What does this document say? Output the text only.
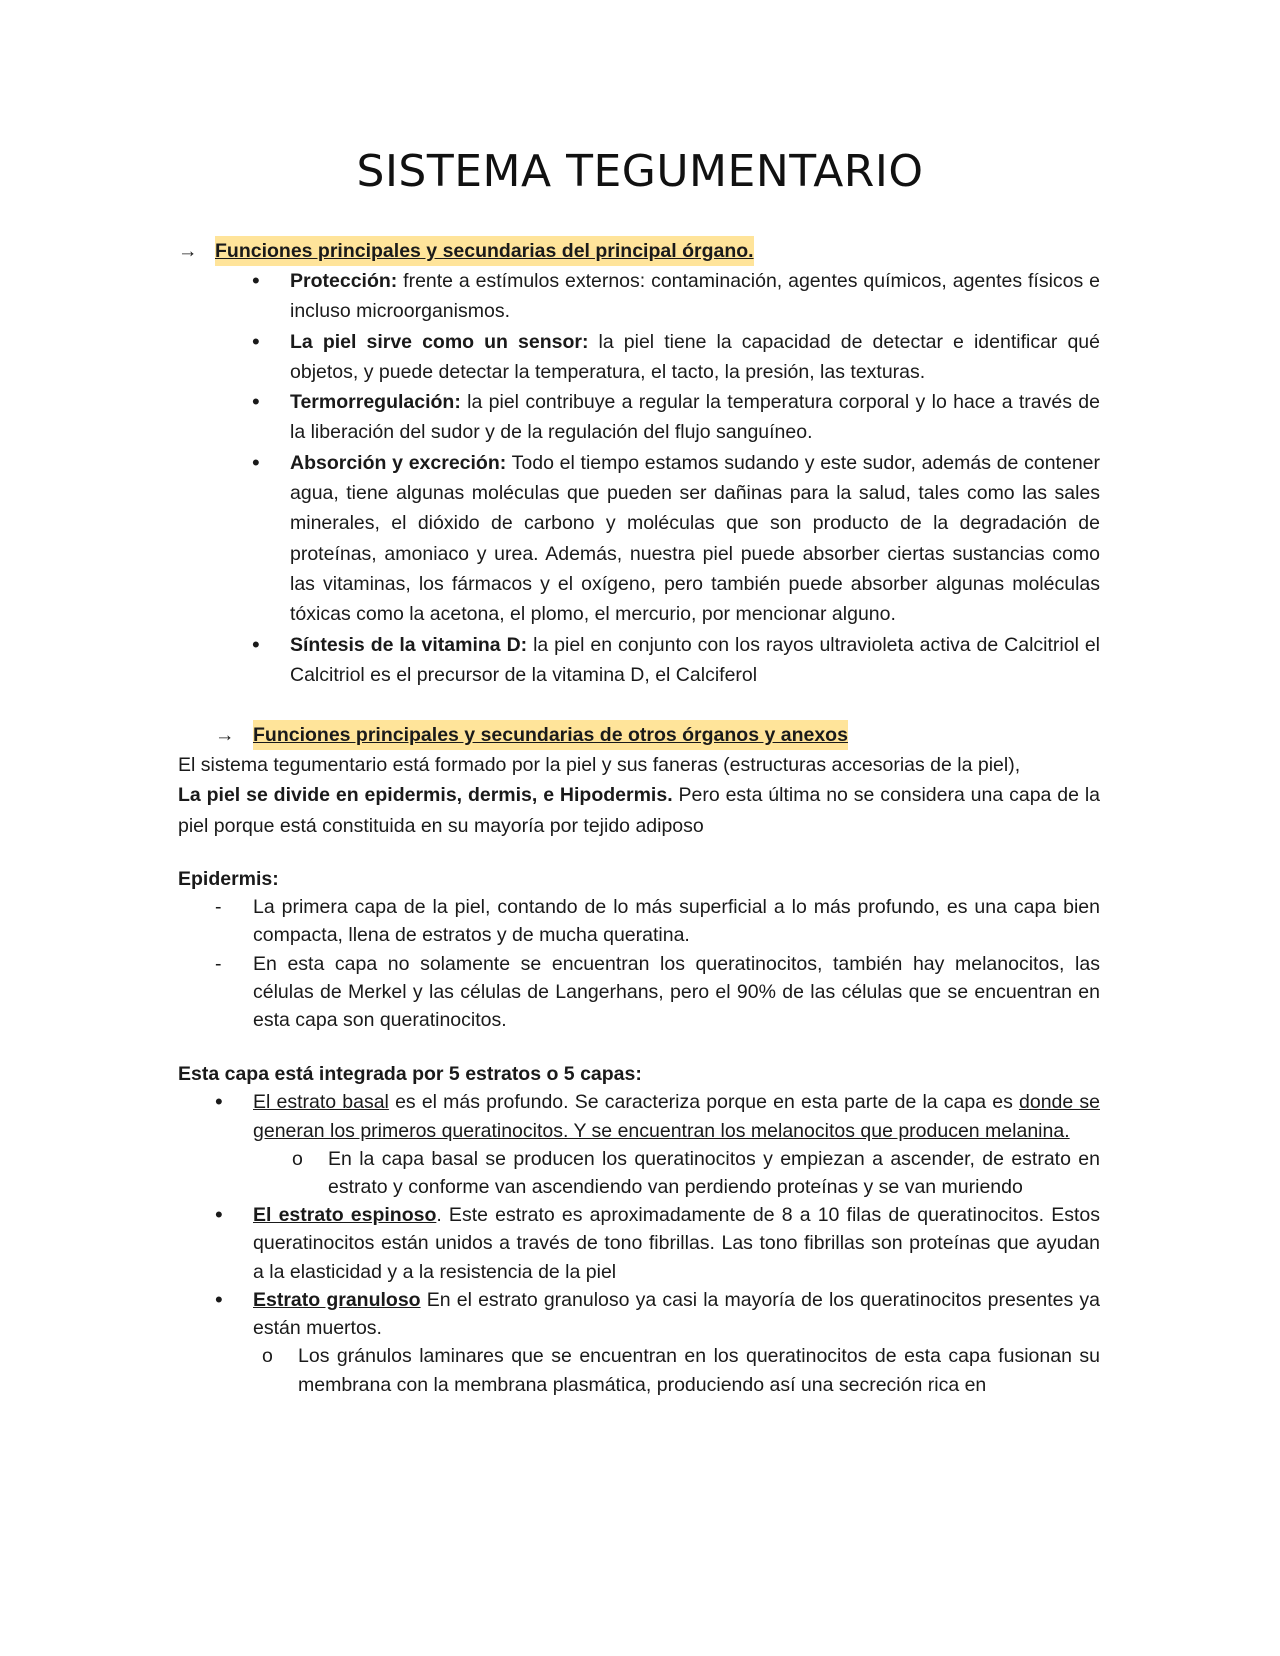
SISTEMA TEGUMENTARIO
→ Funciones principales y secundarias del principal órgano.
• Protección: frente a estímulos externos: contaminación, agentes químicos, agentes físicos e incluso microorganismos.
• La piel sirve como un sensor: la piel tiene la capacidad de detectar e identificar qué objetos, y puede detectar la temperatura, el tacto, la presión, las texturas.
• Termorregulación: la piel contribuye a regular la temperatura corporal y lo hace a través de la liberación del sudor y de la regulación del flujo sanguíneo.
• Absorción y excreción: Todo el tiempo estamos sudando y este sudor, además de contener agua, tiene algunas moléculas que pueden ser dañinas para la salud, tales como las sales minerales, el dióxido de carbono y moléculas que son producto de la degradación de proteínas, amoniaco y urea. Además, nuestra piel puede absorber ciertas sustancias como las vitaminas, los fármacos y el oxígeno, pero también puede absorber algunas moléculas tóxicas como la acetona, el plomo, el mercurio, por mencionar alguno.
• Síntesis de la vitamina D: la piel en conjunto con los rayos ultravioleta activa de Calcitriol el Calcitriol es el precursor de la vitamina D, el Calciferol
→ Funciones principales y secundarias de otros órganos y anexos
El sistema tegumentario está formado por la piel y sus faneras (estructuras accesorias de la piel),
La piel se divide en epidermis, dermis, e Hipodermis. Pero esta última no se considera una capa de la piel porque está constituida en su mayoría por tejido adiposo
Epidermis:
- La primera capa de la piel, contando de lo más superficial a lo más profundo, es una capa bien compacta, llena de estratos y de mucha queratina.
- En esta capa no solamente se encuentran los queratinocitos, también hay melanocitos, las células de Merkel y las células de Langerhans, pero el 90% de las células que se encuentran en esta capa son queratinocitos.
Esta capa está integrada por 5 estratos o 5 capas:
• El estrato basal es el más profundo. Se caracteriza porque en esta parte de la capa es donde se generan los primeros queratinocitos. Y se encuentran los melanocitos que producen melanina.
o En la capa basal se producen los queratinocitos y empiezan a ascender, de estrato en estrato y conforme van ascendiendo van perdiendo proteínas y se van muriendo
• El estrato espinoso. Este estrato es aproximadamente de 8 a 10 filas de queratinocitos. Estos queratinocitos están unidos a través de tono fibrillas. Las tono fibrillas son proteínas que ayudan a la elasticidad y a la resistencia de la piel
• Estrato granuloso En el estrato granuloso ya casi la mayoría de los queratinocitos presentes ya están muertos.
o Los gránulos laminares que se encuentran en los queratinocitos de esta capa fusionan su membrana con la membrana plasmática, produciendo así una secreción rica en
